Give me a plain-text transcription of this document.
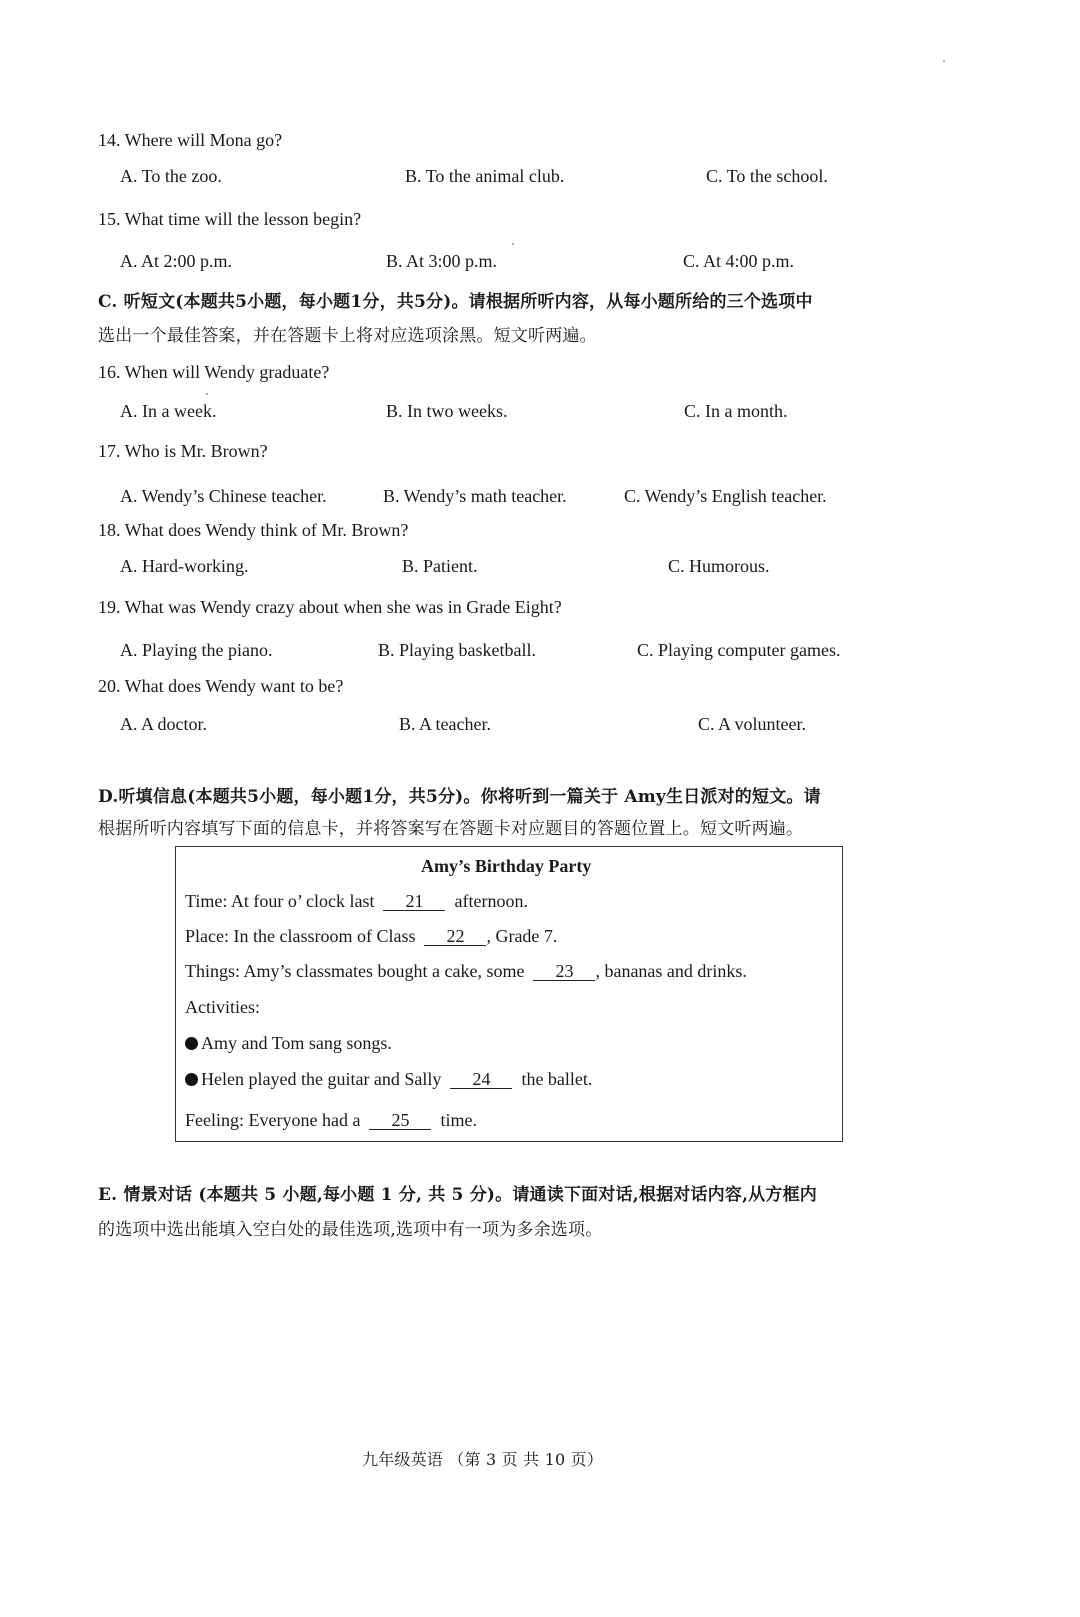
14. Where will Mona go?
A. To the zoo.	B. To the animal club.	C. To the school.
15. What time will the lesson begin?
A. At 2:00 p.m.	B. At 3:00 p.m.	C. At 4:00 p.m.
C. 听短文(本题共5小题，每小题1分，共5分)。请根据所听内容，从每小题所给的三个选项中
选出一个最佳答案，并在答题卡上将对应选项涂黑。短文听两遍。
16. When will Wendy graduate?
A. In a week.	B. In two weeks.	C. In a month.
17. Who is Mr. Brown?
A. Wendy’s Chinese teacher.	B. Wendy’s math teacher.	C. Wendy’s English teacher.
18. What does Wendy think of Mr. Brown?
A. Hard-working.	B. Patient.	C. Humorous.
19. What was Wendy crazy about when she was in Grade Eight?
A. Playing the piano.	B. Playing basketball.	C. Playing computer games.
20. What does Wendy want to be?
A. A doctor.	B. A teacher.	C. A volunteer.
D.听填信息(本题共5小题，每小题1分，共5分)。你将听到一篇关于 Amy生日派对的短文。请
根据所听内容填写下面的信息卡，并将答案写在答题卡对应题目的答题位置上。短文听两遍。
Amy’s Birthday Party
Time: At four o’ clock last 21 afternoon.
Place: In the classroom of Class 22 , Grade 7.
Things: Amy’s classmates bought a cake, some 23 , bananas and drinks.
Activities:
Amy and Tom sang songs.
Helen played the guitar and Sally 24 the ballet.
Feeling: Everyone had a 25 time.
E. 情景对话 (本题共 5 小题,每小题 1 分, 共 5 分)。请通读下面对话,根据对话内容,从方框内
的选项中选出能填入空白处的最佳选项,选项中有一项为多余选项。
九年级英语 （第 3 页 共 10 页）
